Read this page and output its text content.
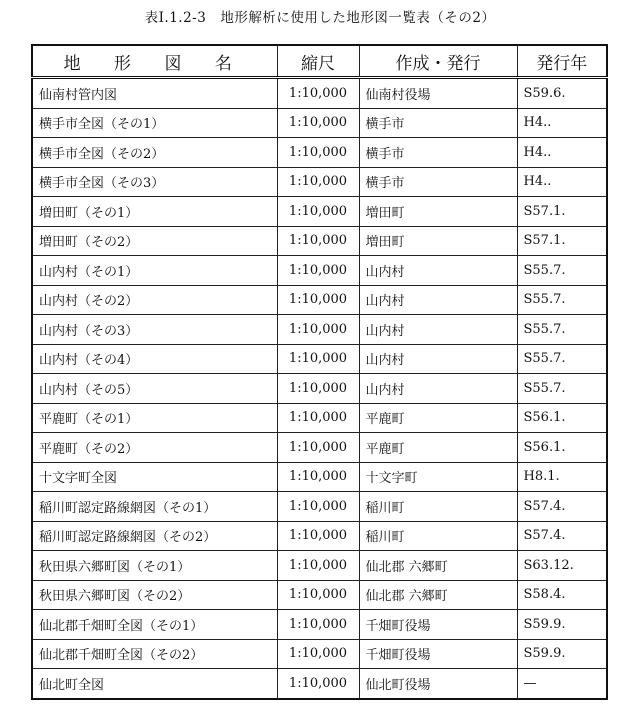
表Ⅰ.1.2-3　地形解析に使用した地形図一覧表（その2）
地 形 図 名	縮尺	作成・発行	発行年
仙南村管内図	1:10,000	仙南村役場	S59.6.
横手市全図（その1）	1:10,000	横手市	H4..
横手市全図（その2）	1:10,000	横手市	H4..
横手市全図（その3）	1:10,000	横手市	H4..
増田町（その1）	1:10,000	増田町	S57.1.
増田町（その2）	1:10,000	増田町	S57.1.
山内村（その1）	1:10,000	山内村	S55.7.
山内村（その2）	1:10,000	山内村	S55.7.
山内村（その3）	1:10,000	山内村	S55.7.
山内村（その4）	1:10,000	山内村	S55.7.
山内村（その5）	1:10,000	山内村	S55.7.
平鹿町（その1）	1:10,000	平鹿町	S56.1.
平鹿町（その2）	1:10,000	平鹿町	S56.1.
十文字町全図	1:10,000	十文字町	H8.1.
稲川町認定路線網図（その1）	1:10,000	稲川町	S57.4.
稲川町認定路線網図（その2）	1:10,000	稲川町	S57.4.
秋田県六郷町図（その1）	1:10,000	仙北郡 六郷町	S63.12.
秋田県六郷町図（その2）	1:10,000	仙北郡 六郷町	S58.4.
仙北郡千畑町全図（その1）	1:10,000	千畑町役場	S59.9.
仙北郡千畑町全図（その2）	1:10,000	千畑町役場	S59.9.
仙北町全図	1:10,000	仙北町役場	—
